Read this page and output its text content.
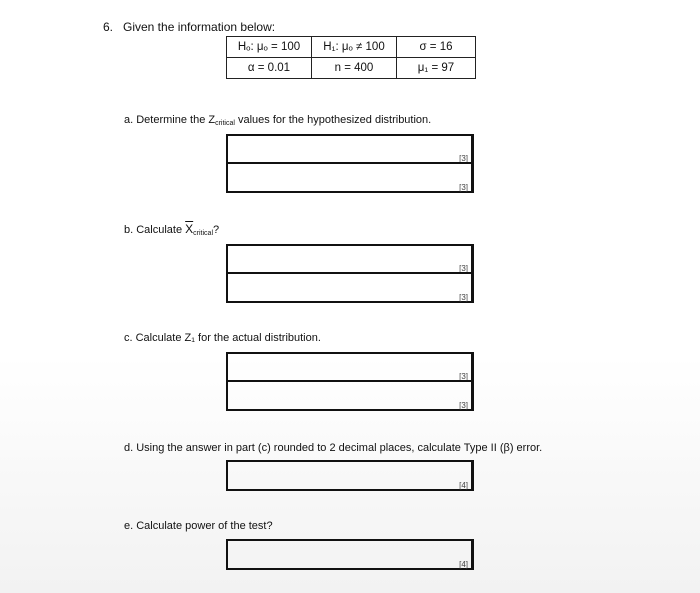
6. Given the information below:
Hₒ: μₒ = 100	H₁: μₒ ≠ 100	σ = 16
α = 0.01	n = 400	μ₁ = 97
a. Determine the $Z_{critical}$ values for the hypothesized distribution.
[3]
[3]
b. Calculate $\overline{X}_{critical}$?
[3]
[3]
c. Calculate Z₁ for the actual distribution.
[3]
[3]
d. Using the answer in part (c) rounded to 2 decimal places, calculate Type II (β) error.
[4]
e. Calculate power of the test?
[4]
